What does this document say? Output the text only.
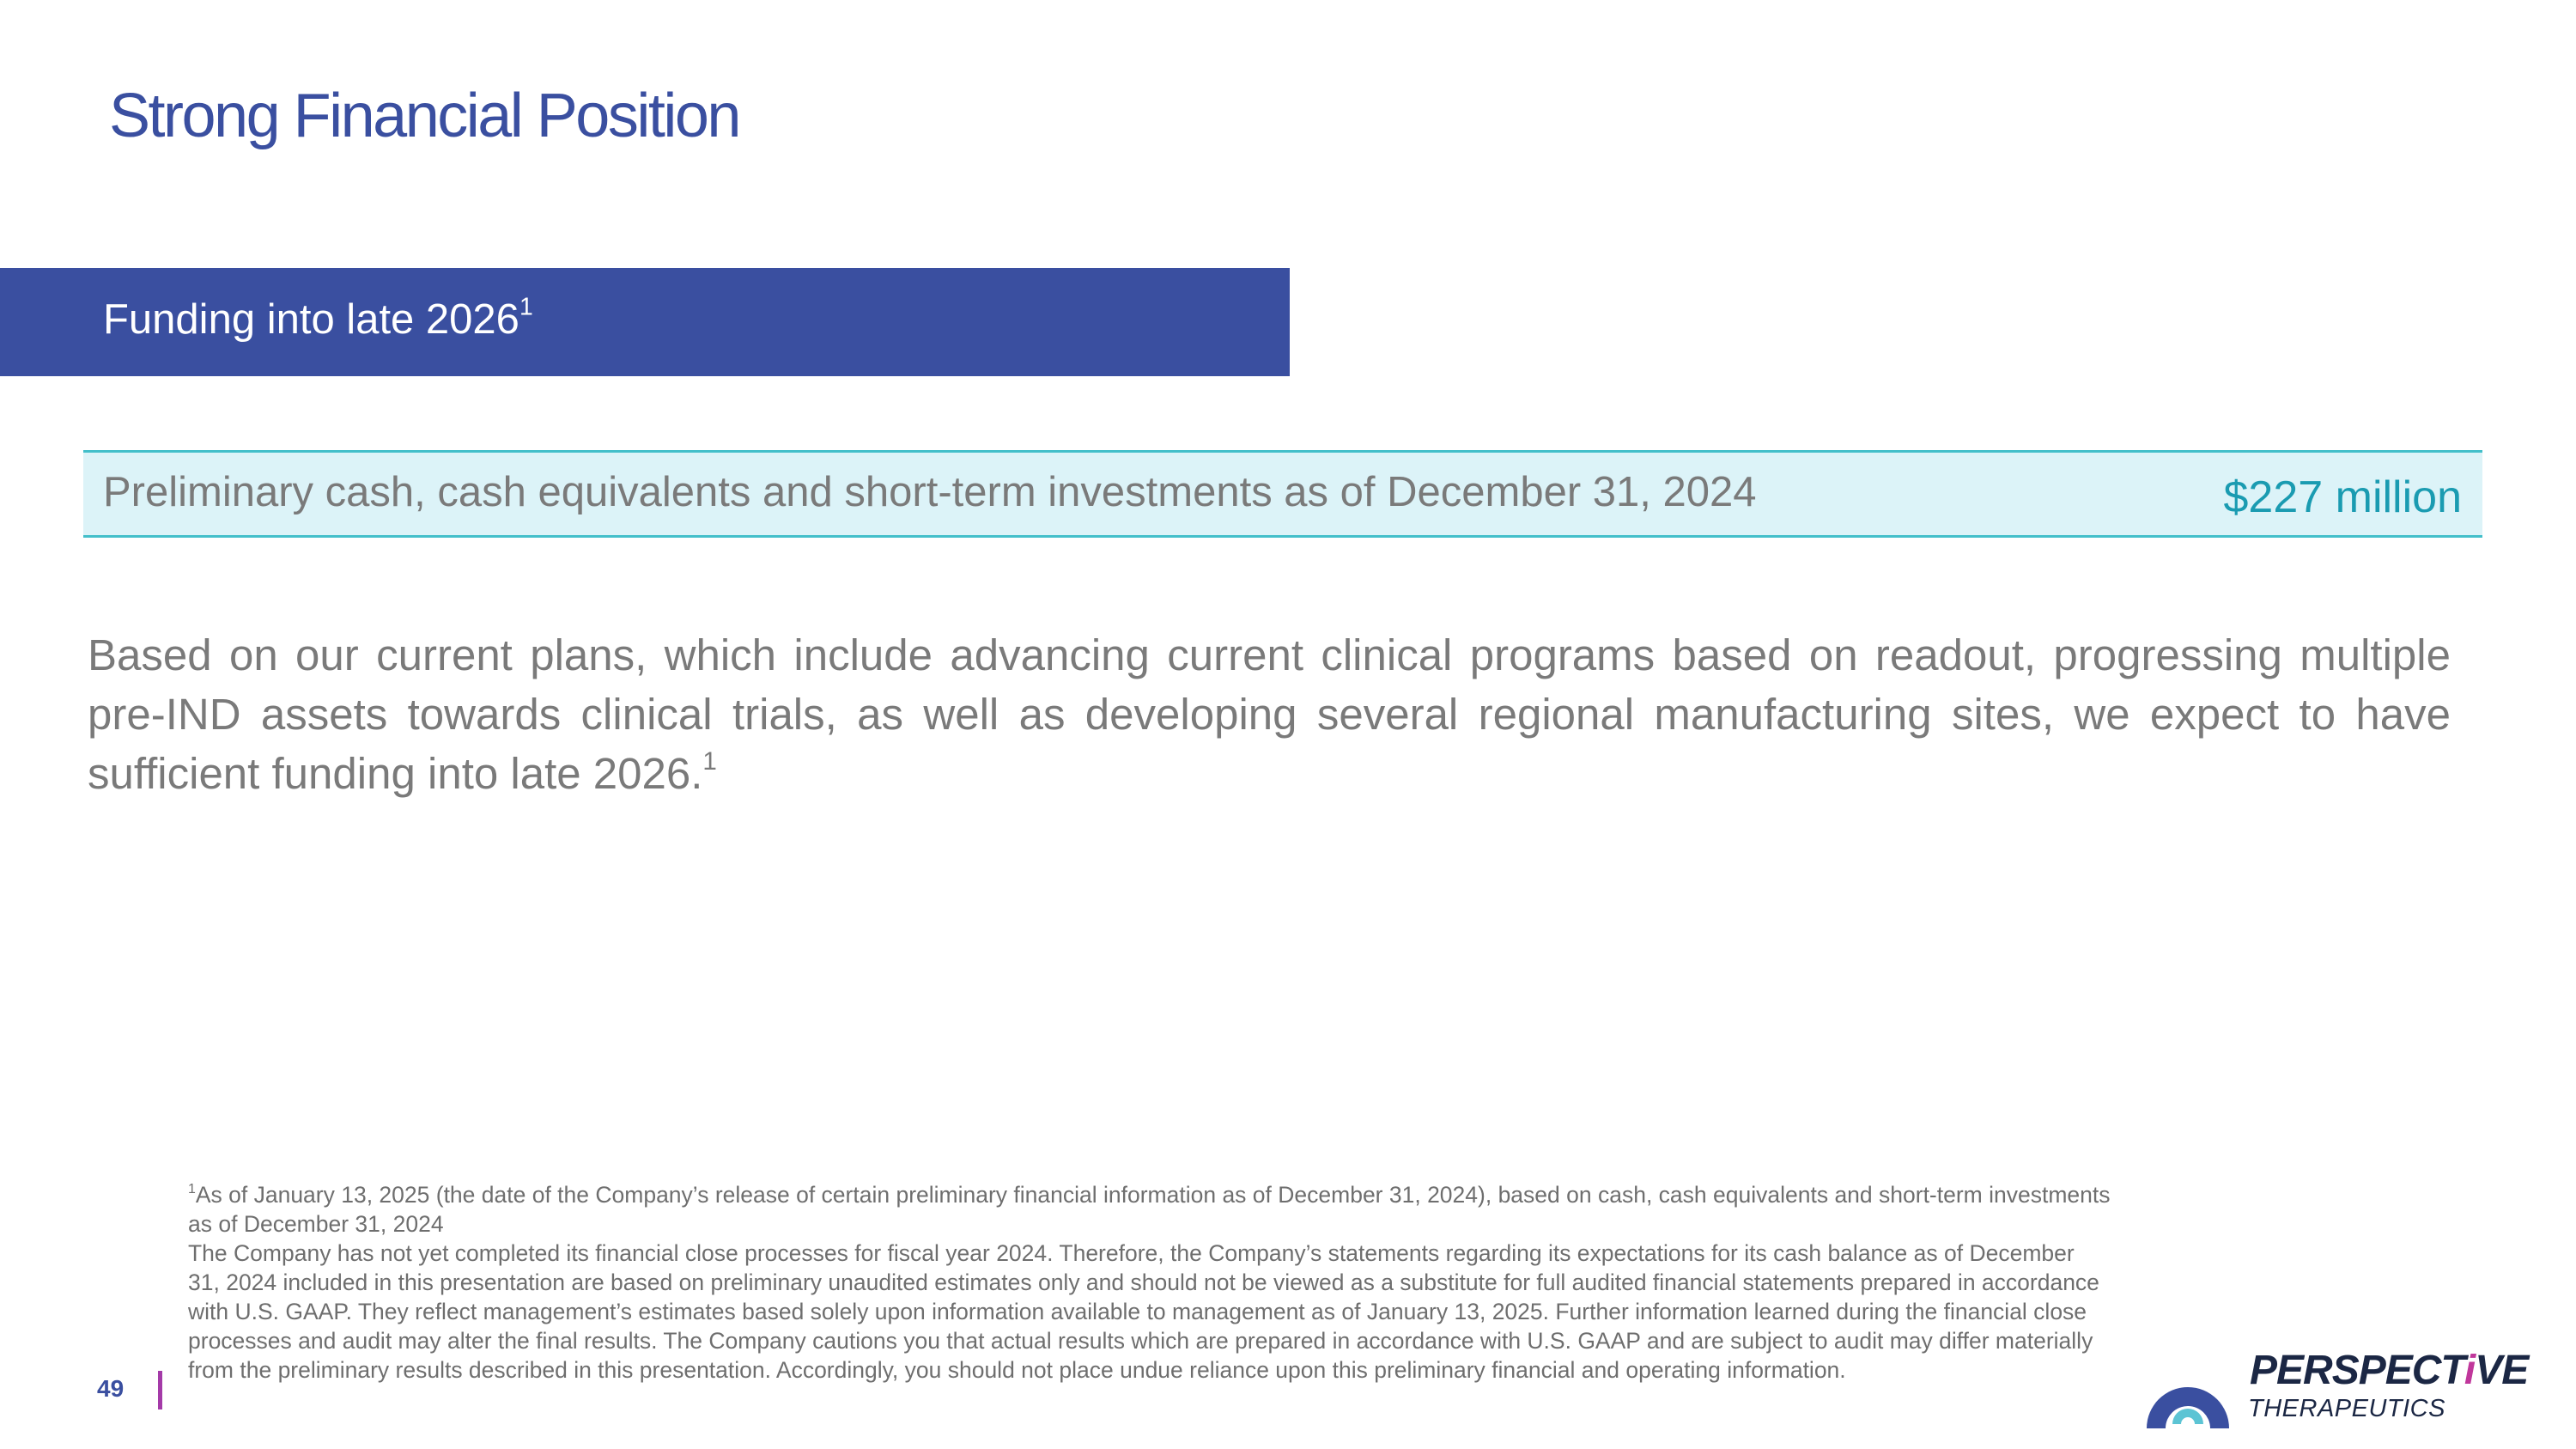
Strong Financial Position
Funding into late 2026$^1$
Preliminary cash, cash equivalents and short-term investments as of December 31, 2024	$227 million

Based on our current plans, which include advancing current clinical programs based on readout, progressing multiple pre-IND assets towards clinical trials, as well as developing several regional manufacturing sites, we expect to have sufficient funding into late 2026.$^1$

$^1$As of January 13, 2025 (the date of the Company’s release of certain preliminary financial information as of December 31, 2024), based on cash, cash equivalents and short-term investments as of December 31, 2024

The Company has not yet completed its financial close processes for fiscal year 2024. Therefore, the Company’s statements regarding its expectations for its cash balance as of December 31, 2024 included in this presentation are based on preliminary unaudited estimates only and should not be viewed as a substitute for full audited financial statements prepared in accordance with U.S. GAAP. They reflect management’s estimates based solely upon information available to management as of January 13, 2025. Further information learned during the financial close processes and audit may alter the final results. The Company cautions you that actual results which are prepared in accordance with U.S. GAAP and are subject to audit may differ materially from the preliminary results described in this presentation. Accordingly, you should not place undue reliance upon this preliminary financial and operating information.

49	PERSPECTiVE
THERAPEUTICS
